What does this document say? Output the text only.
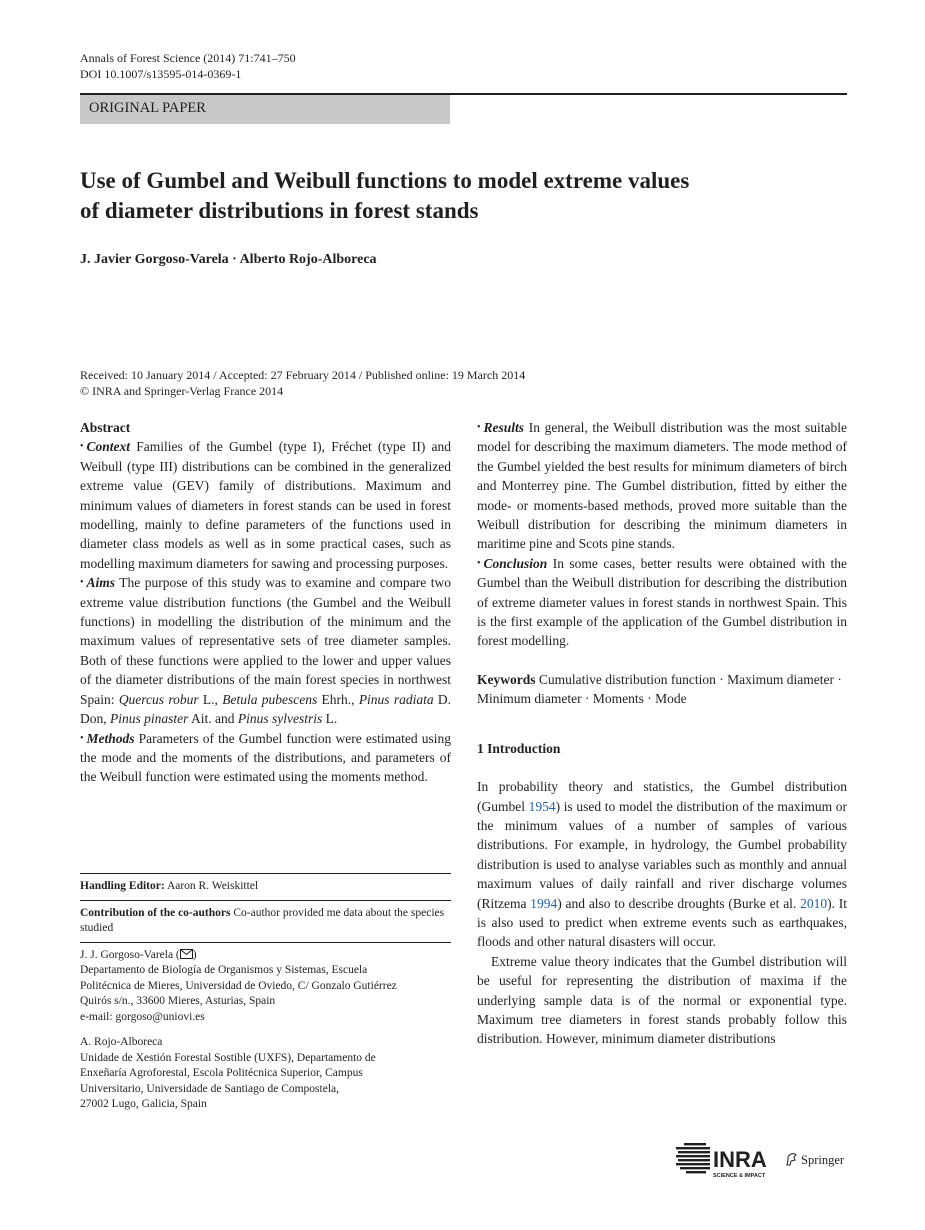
Annals of Forest Science (2014) 71:741–750
DOI 10.1007/s13595-014-0369-1
ORIGINAL PAPER
Use of Gumbel and Weibull functions to model extreme values
of diameter distributions in forest stands
J. Javier Gorgoso-Varela · Alberto Rojo-Alboreca
Received: 10 January 2014 / Accepted: 27 February 2014 / Published online: 19 March 2014
© INRA and Springer-Verlag France 2014

Abstract

• Context Families of the Gumbel (type I), Fréchet (type II) and Weibull (type III) distributions can be combined in the generalized extreme value (GEV) family of distributions. Maximum and minimum values of diameters in forest stands can be used in forest modelling, mainly to define parameters of the functions used in diameter class models as well as in some practical cases, such as modelling maximum diameters for sawing and processing purposes.

• Aims The purpose of this study was to examine and compare two extreme value distribution functions (the Gumbel and the Weibull functions) in modelling the distribution of the minimum and the maximum values of representative sets of tree diameter samples. Both of these functions were applied to the lower and upper values of the diameter distributions of the main forest species in northwest Spain: Quercus robur L., Betula pubescens Ehrh., Pinus radiata D. Don, Pinus pinaster Ait. and Pinus sylvestris L.

• Methods Parameters of the Gumbel function were estimated using the mode and the moments of the distributions, and parameters of the Weibull function were estimated using the moments method.

Handling Editor: Aaron R. Weiskittel
Contribution of the co-authors Co-author provided me data about the species studied

J. J. Gorgoso-Varela ( )

Departamento de Biología de Organismos y Sistemas, Escuela

Politécnica de Mieres, Universidad de Oviedo, C/ Gonzalo Gutiérrez

Quirós s/n., 33600 Mieres, Asturias, Spain

e-mail: gorgoso@uniovi.es

A. Rojo-Alboreca

Unidade de Xestión Forestal Sostible (UXFS), Departamento de

Enxeñaría Agroforestal, Escola Politécnica Superior, Campus

Universitario, Universidade de Santiago de Compostela,

27002 Lugo, Galicia, Spain

• Results In general, the Weibull distribution was the most suitable model for describing the maximum diameters. The mode method of the Gumbel yielded the best results for minimum diameters of birch and Monterrey pine. The Gumbel distribution, fitted by either the mode- or moments-based methods, proved more suitable than the Weibull distribution for describing the minimum diameters in maritime pine and Scots pine stands.

• Conclusion In some cases, better results were obtained with the Gumbel than the Weibull distribution for describing the distribution of extreme diameter values in forest stands in northwest Spain. This is the first example of the application of the Gumbel distribution in forest modelling.

Keywords Cumulative distribution function · Maximum diameter · Minimum diameter · Moments · Mode

1 Introduction

In probability theory and statistics, the Gumbel distribution (Gumbel 1954) is used to model the distribution of the maximum or the minimum values of a number of samples of various distributions. For example, in hydrology, the Gumbel probability distribution is used to analyse variables such as monthly and annual maximum values of daily rainfall and river discharge volumes (Ritzema 1994) and also to describe droughts (Burke et al. 2010). It is also used to predict when extreme events such as earthquakes, floods and other natural disasters will occur.

Extreme value theory indicates that the Gumbel distribution will be useful for representing the distribution of maxima if the underlying sample data is of the normal or exponential type. Maximum tree diameters in forest stands probably follow this distribution. However, minimum diameter distributions

INRA
SCIENCE & IMPACT
Springer
